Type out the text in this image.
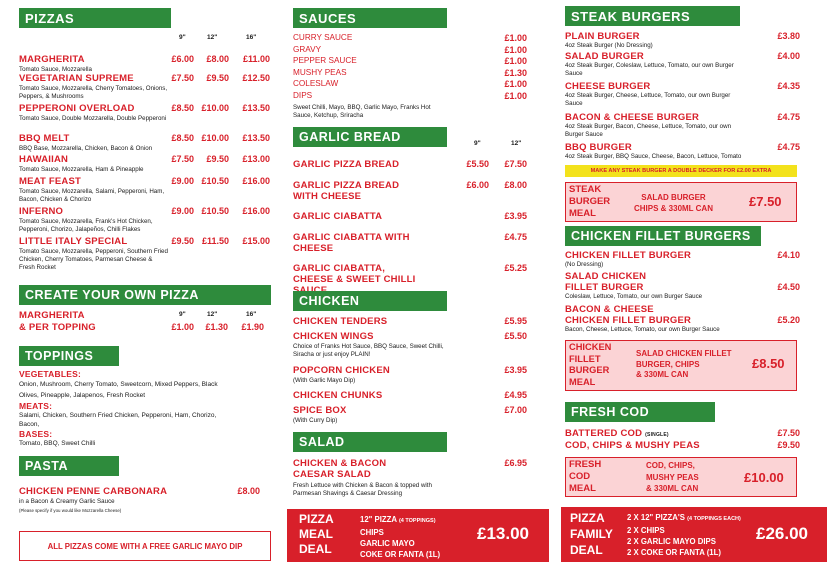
PIZZAS
9"	12"	16"
MARGHERITA	£6.00	£8.00	£11.00
Tomato Sauce, Mozzarella
VEGETARIAN SUPREME	£7.50	£9.50	£12.50
Tomato Sauce, Mozzarella, Cherry Tomatoes, Onions, Peppers, & Mushrooms
PEPPERONI OVERLOAD	£8.50 £10.00	£13.50
Tomato Sauce, Double Mozzarella, Double Pepperoni
BBQ MELT	£8.50 £10.00	£13.50
BBQ Base, Mozzarella, Chicken, Bacon & Onion
HAWAIIAN	£7.50	£9.50	£13.00
Tomato Sauce, Mozzarella, Ham & Pineapple
MEAT FEAST	£9.00 £10.50	£16.00
Tomato Sauce, Mozzarella, Salami, Pepperoni, Ham, Bacon, Chicken & Chorizo
INFERNO	£9.00 £10.50	£16.00
Tomato Sauce, Mozzarella, Frank's Hot Chicken, Pepperoni, Chorizo, Jalapeños, Chilli Flakes
LITTLE ITALY SPECIAL	£9.50 £11.50	£15.00
Tomato Sauce, Mozzarella, Pepperoni, Southern Fried Chicken, Cherry Tomatoes, Parmesan Cheese & Fresh Rocket
CREATE YOUR OWN PIZZA
9"	12"	16"
MARGHERITA
& PER TOPPING	£1.00	£1.30	£1.90
TOPPINGS
VEGETABLES:
Onion, Mushroom, Cherry Tomato, Sweetcorn, Mixed Peppers, Black Olives, Pineapple, Jalapenos, Fresh Rocket
MEATS:
Salami, Chicken, Southern Fried Chicken, Pepperoni, Ham, Chorizo, Bacon,
BASES:
Tomato, BBQ, Sweet Chilli
PASTA
CHICKEN PENNE CARBONARA	£8.00
in a Bacon & Creamy Garlic Sauce
(Please specify if you would like Mozzarella Cheese)
ALL PIZZAS COME WITH A FREE GARLIC MAYO DIP
SAUCES
CURRY SAUCE	£1.00
GRAVY	£1.00
PEPPER SAUCE	£1.00
MUSHY PEAS	£1.30
COLESLAW	£1.00
DIPS	£1.00
Sweet Chilli, Mayo, BBQ, Garlic Mayo, Franks Hot Sauce, Ketchup, Sriracha
GARLIC BREAD	9"	12"
GARLIC PIZZA BREAD	£5.50	£7.50
GARLIC PIZZA BREAD WITH CHEESE
£6.00	£8.00
GARLIC CIABATTA	£3.95
GARLIC CIABATTA WITH CHEESE
£4.75
GARLIC CIABATTA, CHEESE & SWEET CHILLI
£5.25
CHICKEN
CHICKEN TENDERS	£5.95
CHICKEN WINGS	£5.50
Choice of Franks Hot Sauce, BBQ Sauce, Sweet Chilli, Siracha or just enjoy PLAIN!
POPCORN CHICKEN	£3.95
(With Garlic Mayo Dip)
CHICKEN CHUNKS	£4.95
SPICE BOX	£7.00
(With Curry Dip)
SALAD
CHICKEN & BACON
CAESAR SALAD
£6.95
Fresh Lettuce with Chicken & Bacon & topped with Parmesan Shavings & Caesar Dressing
PIZZA
MEAL
DEAL
12" PIZZA (4 TOPPINGS)
CHIPS
GARLIC MAYO
COKE OR FANTA (1L)
£13.00
STEAK BURGERS
PLAIN BURGER	£3.80
4oz Steak Burger (No Dressing)
SALAD BURGER	£4.00
4oz Steak Burger, Coleslaw, Lettuce, Tomato, our own Burger Sauce
CHEESE BURGER	£4.35
4oz Steak Burger, Cheese, Lettuce, Tomato, our own Burger Sauce
BACON & CHEESE BURGER	£4.75
4oz Steak Burger, Bacon, Cheese, Lettuce, Tomato, our own Burger Sauce
BBQ BURGER	£4.75
4oz Steak Burger, BBQ Sauce, Cheese, Bacon, Lettuce, Tomato
MAKE ANY STEAK BURGER A DOUBLE DECKER FOR £2.00 EXTRA
STEAK
BURGER
MEAL
SALAD BURGER
CHIPS & 330ML CAN	£7.50
CHICKEN FILLET BURGERS
CHICKEN FILLET BURGER	£4.10
(No Dressing)
SALAD CHICKEN
FILLET BURGER	£4.50
Coleslaw, Lettuce, Tomato, our own Burger Sauce
BACON & CHEESE
CHICKEN FILLET BURGER	£5.20
Bacon, Cheese, Lettuce, Tomato, our own Burger Sauce
CHICKEN
FILLET
BURGER
MEAL
SALAD CHICKEN FILLET
BURGER, CHIPS
& 330ML CAN
£8.50
FRESH COD
BATTERED COD (SINGLE)	£7.50
COD, CHIPS & MUSHY PEAS	£9.50
FRESH
COD
MEAL
COD, CHIPS,
MUSHY PEAS
& 330ML CAN
£10.00
PIZZA
FAMILY
DEAL
2 X 12" PIZZA'S (4 TOPPINGS EACH)
2 X CHIPS
2 X GARLIC MAYO DIPS
2 X COKE OR FANTA (1L)
£26.00
